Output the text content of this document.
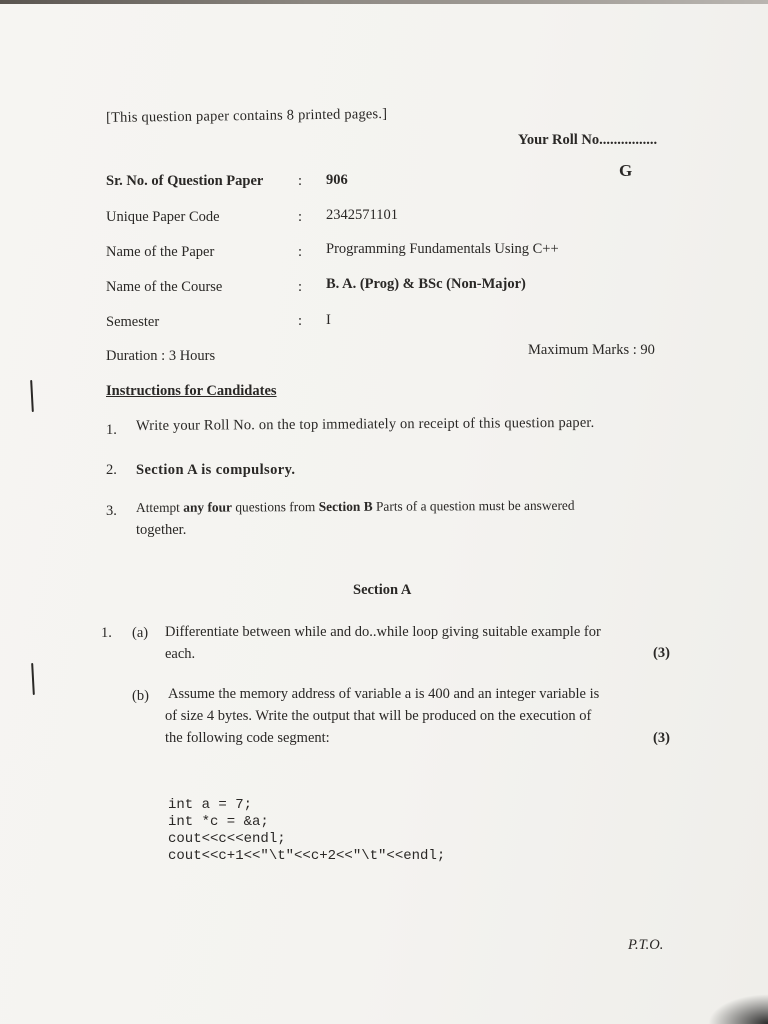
[This question paper contains 8 printed pages.]
Your Roll No................
G
Sr. No. of Question Paper : 906
Unique Paper Code	: 2342571101
Name of the Paper	: Programming Fundamentals Using C++
Name of the Course	: B. A. (Prog) & BSc (Non-Major)
Semester	: I
Duration : 3 Hours	Maximum Marks : 90
Instructions for Candidates
1. Write your Roll No. on the top immediately on receipt of this question paper.
2. Section A is compulsory.
3. Attempt any four questions from Section B Parts of a question must be answered
together.
Section A
1. (a) Differentiate between while and do..while loop giving suitable example for
each.	(3)
(b) Assume the memory address of variable a is 400 and an integer variable is
of size 4 bytes. Write the output that will be produced on the execution of
the following code segment:	(3)
int a = 7;
int *c = &a;
cout<<c<<endl;
cout<<c+1<<"\t"<<c+2<<"\t"<<endl;
P.T.O.
